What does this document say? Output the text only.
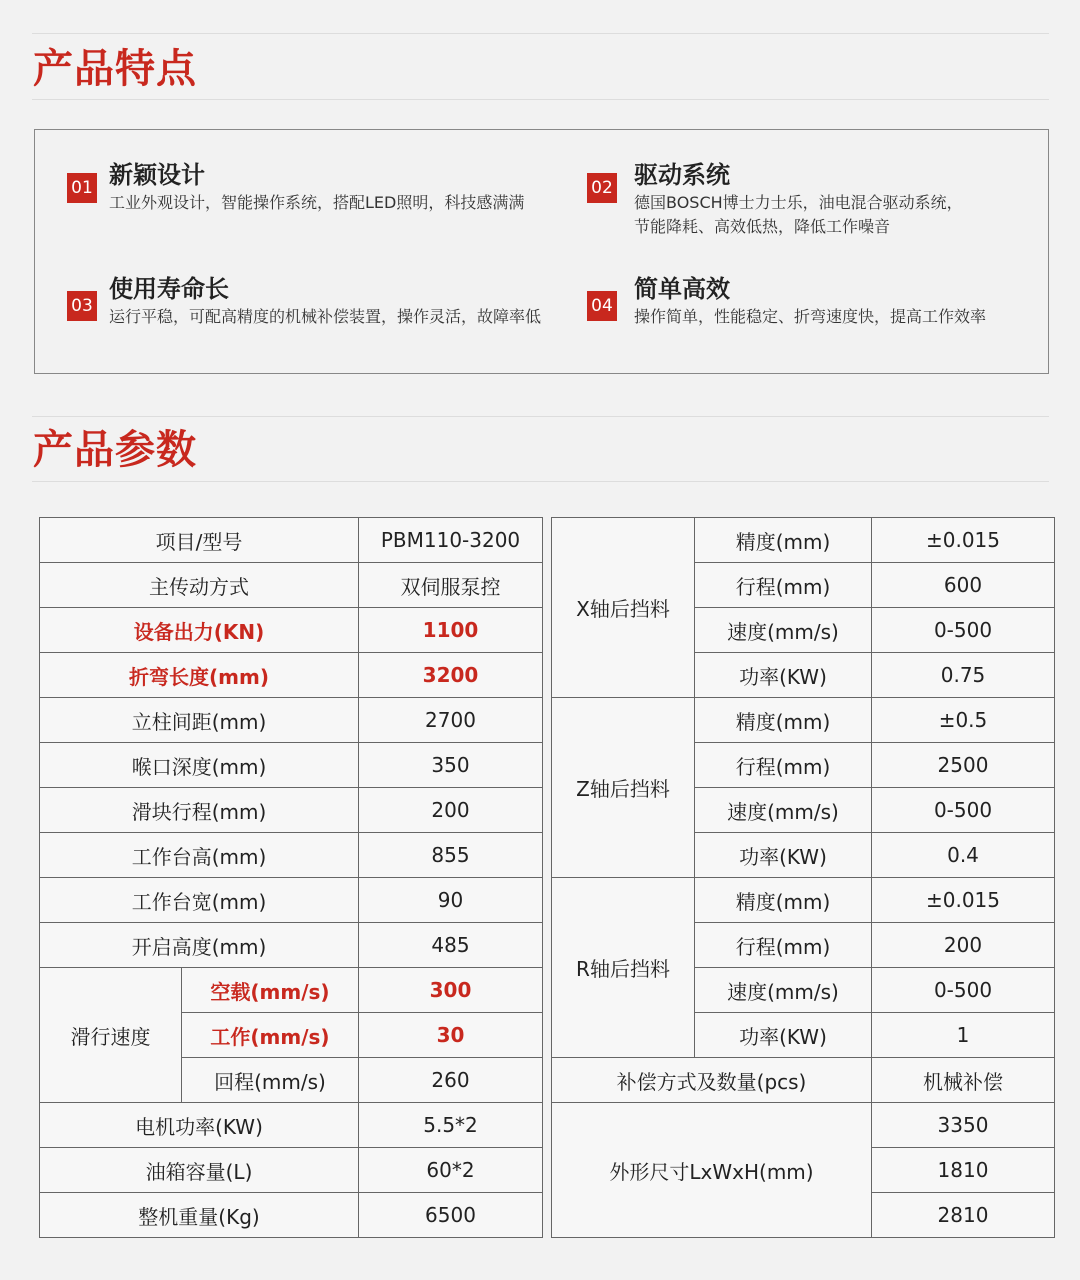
产品特点
01 新颖设计
工业外观设计，智能操作系统，搭配LED照明，科技感满满
02 驱动系统
德国BOSCH博士力士乐，油电混合驱动系统，
节能降耗、高效低热，降低工作噪音
03
使用寿命长
运行平稳，可配高精度的机械补偿装置，操作灵活，故障率低
04
简单高效
操作简单，性能稳定、折弯速度快，提高工作效率
产品参数
项目/型号		PBM110-3200
主传动方式		双伺服泵控
设备出力(KN)		1100
折弯长度(mm)		3200
立柱间距(mm)		2700
喉口深度(mm)		350
滑块行程(mm)		200
工作台高(mm)		855
工作台宽(mm)		90
开启高度(mm)		485
滑行速度	空载(mm/s)	300
	工作(mm/s)	30
	回程(mm/s)	260
电机功率(KW)		5.5*2
油箱容量(L)		60*2
整机重量(Kg)		6500
X轴后挡料	精度(mm)	±0.015
	行程(mm)	600
	速度(mm/s)	0-500
	功率(KW)	0.75
Z轴后挡料	精度(mm)	±0.5
	行程(mm)	2500
	速度(mm/s)	0-500
	功率(KW)	0.4
R轴后挡料	精度(mm)	±0.015
	行程(mm)	200
	速度(mm/s)	0-500
	功率(KW)	1
补偿方式及数量(pcs)		机械补偿
外形尺寸LxWxH(mm)		3350
		1810
		2810
